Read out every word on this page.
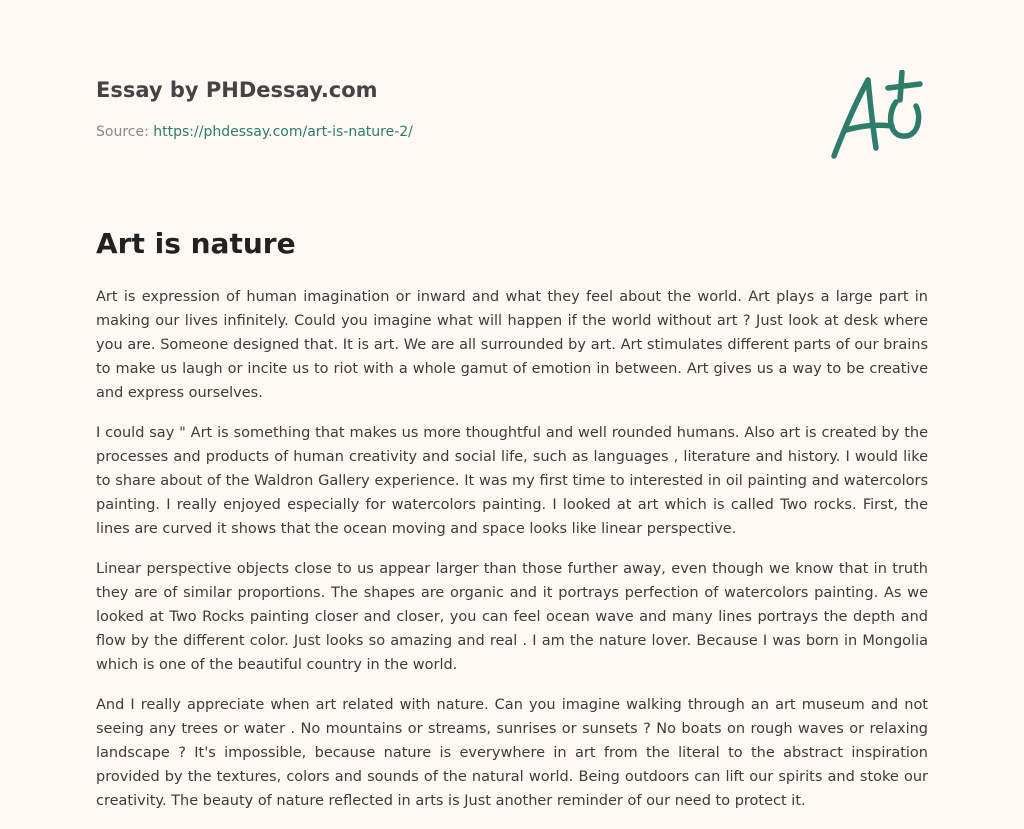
Essay by PHDessay.com
Source: https://phdessay.com/art-is-nature-2/
Art is nature

Art is expression of human imagination or inward and what they feel about the world. Art plays a large part in making our lives infinitely. Could you imagine what will happen if the world without art ? Just look at desk where you are. Someone designed that. It is art. We are all surrounded by art. Art stimulates different parts of our brains to make us laugh or incite us to riot with a whole gamut of emotion in between. Art gives us a way to be creative and express ourselves.

I could say " Art is something that makes us more thoughtful and well rounded humans. Also art is created by the processes and products of human creativity and social life, such as languages , literature and history. I would like to share about of the Waldron Gallery experience. It was my first time to interested in oil painting and watercolors painting. I really enjoyed especially for watercolors painting. I looked at art which is called Two rocks. First, the lines are curved it shows that the ocean moving and space looks like linear perspective.

Linear perspective objects close to us appear larger than those further away, even though we know that in truth they are of similar proportions. The shapes are organic and it portrays perfection of watercolors painting. As we looked at Two Rocks painting closer and closer, you can feel ocean wave and many lines portrays the depth and flow by the different color. Just looks so amazing and real . I am the nature lover. Because I was born in Mongolia which is one of the beautiful country in the world.

And I really appreciate when art related with nature. Can you imagine walking through an art museum and not seeing any trees or water . No mountains or streams, sunrises or sunsets ? No boats on rough waves or relaxing landscape ? It's impossible, because nature is everywhere in art from the literal to the abstract inspiration provided by the textures, colors and sounds of the natural world. Being outdoors can lift our spirits and stoke our creativity. The beauty of nature reflected in arts is Just another reminder of our need to protect it.
